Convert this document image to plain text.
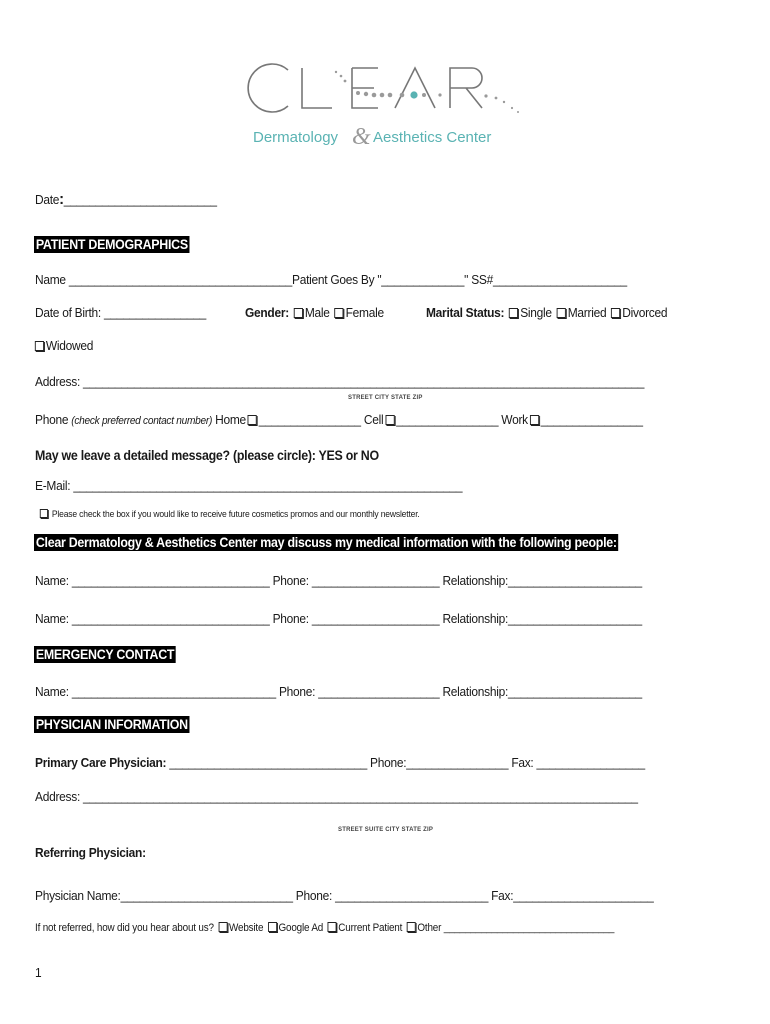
Dermatology & Aesthetics Center
Date:________________________
PATIENT DEMOGRAPHICS
Name ___________________________________Patient Goes By "_____________" SS#_____________________
Date of Birth: ________________	Gender: Male Female	Marital Status: Single Married Divorced
Widowed
Address: ________________________________________________________________________________________
STREET CITY STATE ZIP
Phone (check preferred contact number) Home ________________ Cell ________________ Work ________________
May we leave a detailed message? (please circle): YES or NO
E-Mail: _____________________________________________________________
Please check the box if you would like to receive future cosmetics promos and our monthly newsletter.
Clear Dermatology & Aesthetics Center may discuss my medical information with the following people:
Name: _______________________________ Phone: ____________________ Relationship:_____________________
Name: _______________________________ Phone: ____________________ Relationship:_____________________
EMERGENCY CONTACT
Name: ________________________________ Phone: ___________________ Relationship:_____________________
PHYSICIAN INFORMATION
Primary Care Physician: _______________________________ Phone:________________ Fax: _________________
Address: _______________________________________________________________________________________
STREET SUITE CITY STATE ZIP
Referring Physician:
Physician Name:___________________________ Phone: ________________________ Fax:______________________
If not referred, how did you hear about us? Website Google Ad Current Patient Other ________________________________
1
